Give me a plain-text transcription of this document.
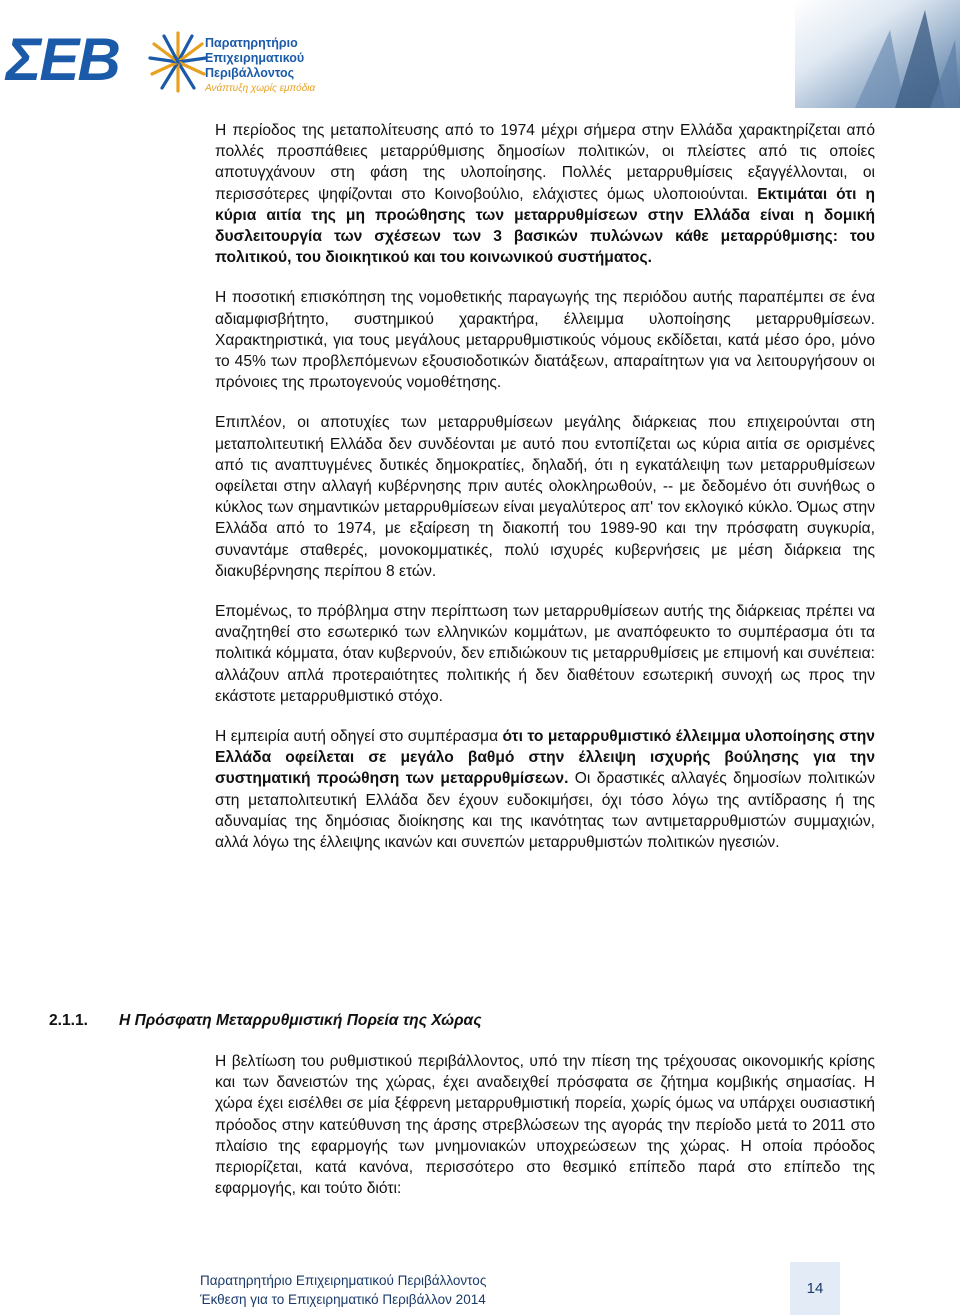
ΣΕΒ	Παρατηρητήριο
Επιχειρηματικού
Περιβάλλοντος
Ανάπτυξη χωρίς εμπόδια

Η περίοδος της μεταπολίτευσης από το 1974 μέχρι σήμερα στην Ελλάδα χαρακτηρίζεται από πολλές προσπάθειες μεταρρύθμισης δημοσίων πολιτικών, οι πλείστες από τις οποίες αποτυγχάνουν στη φάση της υλοποίησης. Πολλές μεταρρυθμίσεις εξαγγέλλονται, οι περισσότερες ψηφίζονται στο Κοινοβούλιο, ελάχιστες όμως υλοποιούνται. Εκτιμάται ότι η κύρια αιτία της μη προώθησης των μεταρρυθμίσεων στην Ελλάδα είναι η δομική δυσλειτουργία των σχέσεων των 3 βασικών πυλώνων κάθε μεταρρύθμισης: του πολιτικού, του διοικητικού και του κοινωνικού συστήματος.

Η ποσοτική επισκόπηση της νομοθετικής παραγωγής της περιόδου αυτής παραπέμπει σε ένα αδιαμφισβήτητο, συστημικού χαρακτήρα, έλλειμμα υλοποίησης μεταρρυθμίσεων. Χαρακτηριστικά, για τους μεγάλους μεταρρυθμιστικούς νόμους εκδίδεται, κατά μέσο όρο, μόνο το 45% των προβλεπόμενων εξουσιοδοτικών διατάξεων, απαραίτητων για να λειτουργήσουν οι πρόνοιες της πρωτογενούς νομοθέτησης.

Επιπλέον, οι αποτυχίες των μεταρρυθμίσεων μεγάλης διάρκειας που επιχειρούνται στη μεταπολιτευτική Ελλάδα δεν συνδέονται με αυτό που εντοπίζεται ως κύρια αιτία σε ορισμένες από τις αναπτυγμένες δυτικές δημοκρατίες, δηλαδή, ότι η εγκατάλειψη των μεταρρυθμίσεων οφείλεται στην αλλαγή κυβέρνησης πριν αυτές ολοκληρωθούν, -- με δεδομένο ότι συνήθως ο κύκλος των σημαντικών μεταρρυθμίσεων είναι μεγαλύτερος απ' τον εκλογικό κύκλο. Όμως στην Ελλάδα από το 1974, με εξαίρεση τη διακοπή του 1989-90 και την πρόσφατη συγκυρία, συναντάμε σταθερές, μονοκομματικές, πολύ ισχυρές κυβερνήσεις με μέση διάρκεια της διακυβέρνησης περίπου 8 ετών.

Επομένως, το πρόβλημα στην περίπτωση των μεταρρυθμίσεων αυτής της διάρκειας πρέπει να αναζητηθεί στο εσωτερικό των ελληνικών κομμάτων, με αναπόφευκτο το συμπέρασμα ότι τα πολιτικά κόμματα, όταν κυβερνούν, δεν επιδιώκουν τις μεταρρυθμίσεις με επιμονή και συνέπεια: αλλάζουν απλά προτεραιότητες πολιτικής ή δεν διαθέτουν εσωτερική συνοχή ως προς την εκάστοτε μεταρρυθμιστικό στόχο.

Η εμπειρία αυτή οδηγεί στο συμπέρασμα ότι το μεταρρυθμιστικό έλλειμμα υλοποίησης στην Ελλάδα οφείλεται σε μεγάλο βαθμό στην έλλειψη ισχυρής βούλησης για την συστηματική προώθηση των μεταρρυθμίσεων. Οι δραστικές αλλαγές δημοσίων πολιτικών στη μεταπολιτευτική Ελλάδα δεν έχουν ευδοκιμήσει, όχι τόσο λόγω της αντίδρασης ή της αδυναμίας της δημόσιας διοίκησης και της ικανότητας των αντιμεταρρυθμιστών συμμαχιών, αλλά λόγω της έλλειψης ικανών και συνεπών μεταρρυθμιστών πολιτικών ηγεσιών.

2.1.1. Η Πρόσφατη Μεταρρυθμιστική Πορεία της Χώρας

Η βελτίωση του ρυθμιστικού περιβάλλοντος, υπό την πίεση της τρέχουσας οικονομικής κρίσης και των δανειστών της χώρας, έχει αναδειχθεί πρόσφατα σε ζήτημα κομβικής σημασίας. Η χώρα έχει εισέλθει σε μία ξέφρενη μεταρρυθμιστική πορεία, χωρίς όμως να υπάρχει ουσιαστική πρόοδος στην κατεύθυνση της άρσης στρεβλώσεων της αγοράς την περίοδο μετά το 2011 στο πλαίσιο της εφαρμογής των μνημονιακών υποχρεώσεων της χώρας. Η οποία πρόοδος περιορίζεται, κατά κανόνα, περισσότερο στο θεσμικό επίπεδο παρά στο επίπεδο της εφαρμογής, και τούτο διότι:

Παρατηρητήριο Επιχειρηματικού Περιβάλλοντος
Έκθεση για το Επιχειρηματικό Περιβάλλον 2014
14
